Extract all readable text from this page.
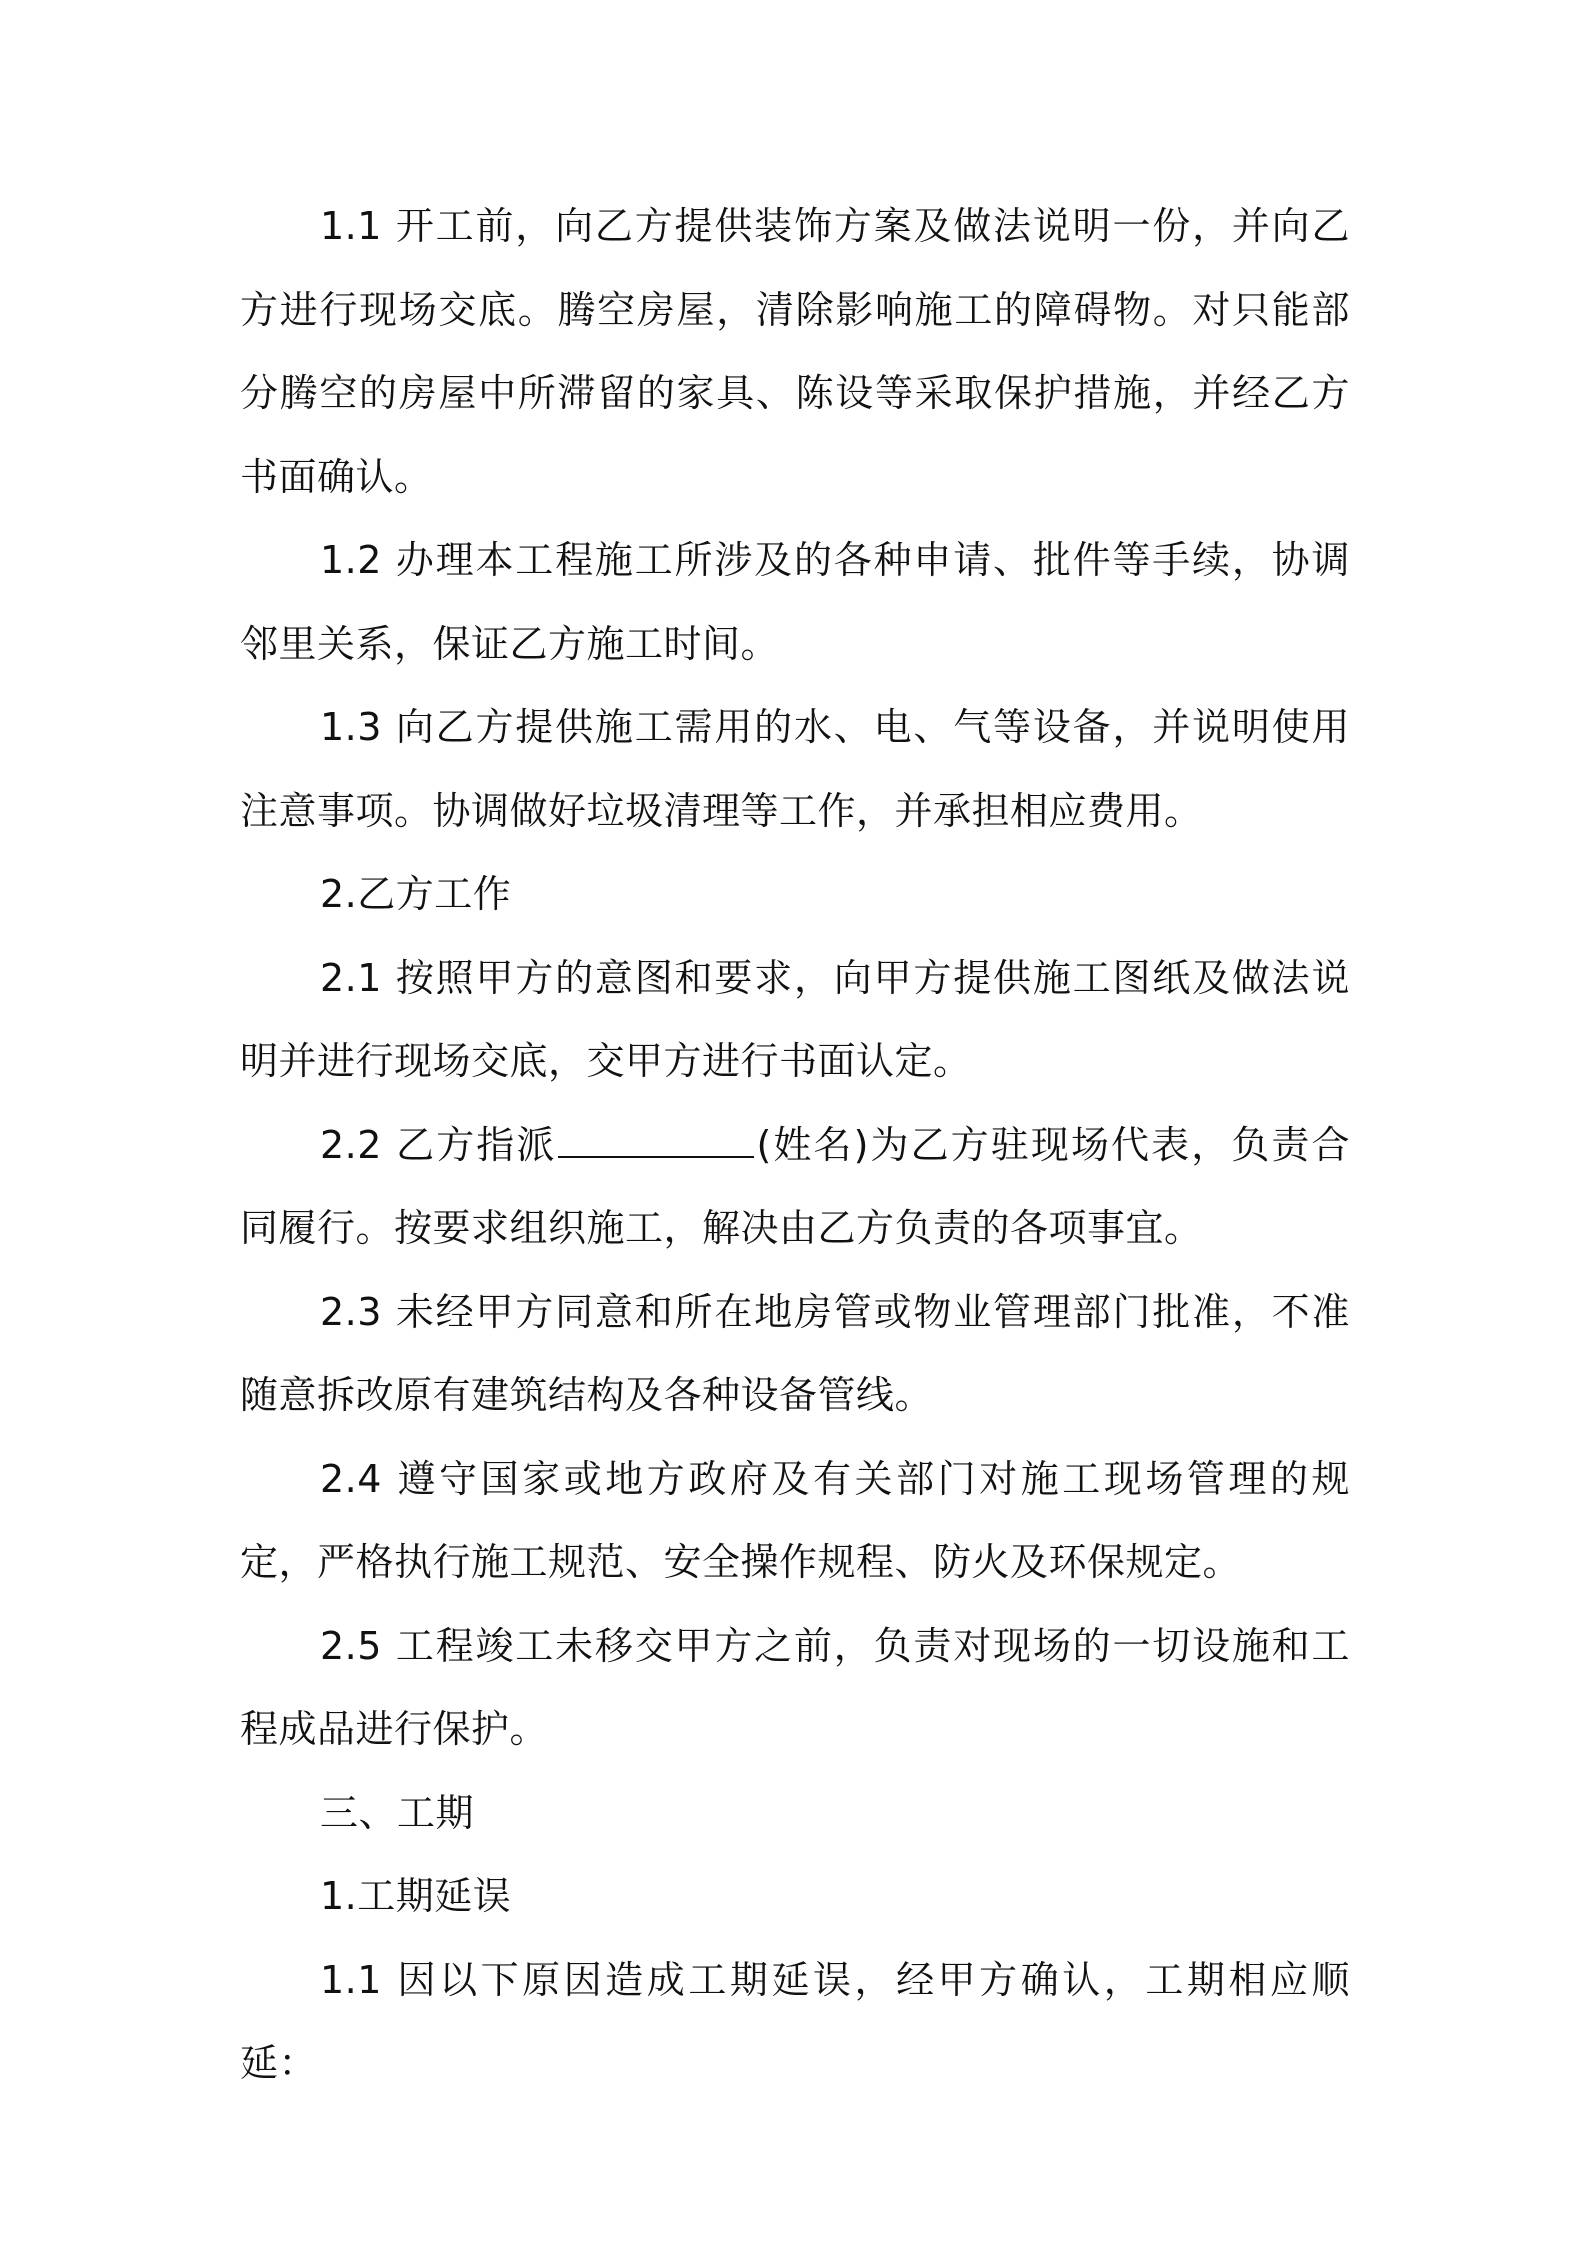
1.1 开工前，向乙方提供装饰方案及做法说明一份，并向乙方进行现场交底。腾空房屋，清除影响施工的障碍物。对只能部分腾空的房屋中所滞留的家具、陈设等采取保护措施，并经乙方书面确认。

1.2 办理本工程施工所涉及的各种申请、批件等手续，协调邻里关系，保证乙方施工时间。

1.3 向乙方提供施工需用的水、电、气等设备，并说明使用注意事项。协调做好垃圾清理等工作，并承担相应费用。

2.乙方工作

2.1 按照甲方的意图和要求，向甲方提供施工图纸及做法说明并进行现场交底，交甲方进行书面认定。

2.2 乙方指派	(姓名)为乙方驻现场代表，负责合同履行。按要求组织施工，解决由乙方负责的各项事宜。

2.3 未经甲方同意和所在地房管或物业管理部门批准，不准随意拆改原有建筑结构及各种设备管线。

2.4 遵守国家或地方政府及有关部门对施工现场管理的规定，严格执行施工规范、安全操作规程、防火及环保规定。

2.5 工程竣工未移交甲方之前，负责对现场的一切设施和工程成品进行保护。

三、工期

1.工期延误

1.1 因以下原因造成工期延误，经甲方确认，工期相应顺延：
